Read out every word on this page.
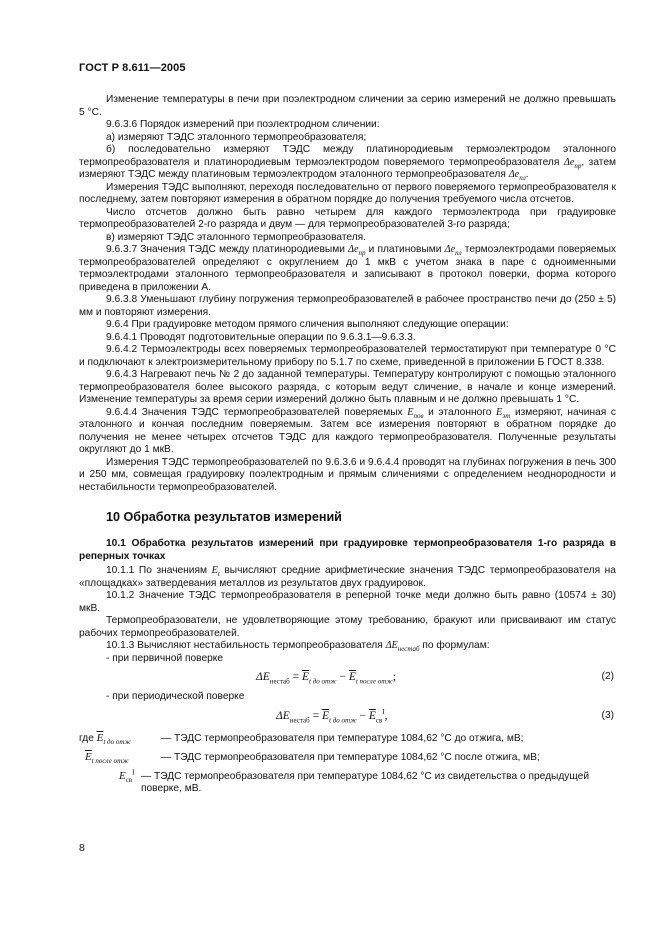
ГОСТ Р 8.611—2005

Изменение температуры в печи при поэлектродном сличении за серию измерений не должно превышать 5 °С.

9.6.3.6 Порядок измерений при поэлектродном сличении:

а) измеряют ТЭДС эталонного термопреобразователя;

б) последовательно измеряют ТЭДС между платинородиевым термоэлектродом эталонного термопреобразователя и платинородиевым термоэлектродом поверяемого термопреобразователя $\Delta e_{пр}$, затем измеряют ТЭДС между платиновым термоэлектродом эталонного термопреобразователя $\Delta e_{пл}$.

Измерения ТЭДС выполняют, переходя последовательно от первого поверяемого термопреобразователя к последнему, затем повторяют измерения в обратном порядке до получения требуемого числа отсчетов.

Число отсчетов должно быть равно четырем для каждого термоэлектрода при градуировке термопреобразователей 2-го разряда и двум — для термопреобразователей 3-го разряда;

в) измеряют ТЭДС эталонного термопреобразователя.

9.6.3.7 Значения ТЭДС между платинородиевыми $\Delta e_{пр}$ и платиновыми $\Delta e_{пл}$ термоэлектродами поверяемых термопреобразователей определяют с округлением до 1 мкВ с учетом знака в паре с одноименными термоэлектродами эталонного термопреобразователя и записывают в протокол поверки, форма которого приведена в приложении А.

9.6.3.8 Уменьшают глубину погружения термопреобразователей в рабочее пространство печи до (250 ± 5) мм и повторяют измерения.

9.6.4 При градуировке методом прямого сличения выполняют следующие операции:

9.6.4.1 Проводят подготовительные операции по 9.6.3.1—9.6.3.3.

9.6.4.2 Термоэлектроды всех поверяемых термопреобразователей термостатируют при температуре 0 °С и подключают к электроизмерительному прибору по 5.1.7 по схеме, приведенной в приложении Б ГОСТ 8.338.

9.6.4.3 Нагревают печь № 2 до заданной температуры. Температуру контролируют с помощью эталонного термопреобразователя более высокого разряда, с которым ведут сличение, в начале и конце измерений. Изменение температуры за время серии измерений должно быть плавным и не должно превышать 1 °С.

9.6.4.4 Значения ТЭДС термопреобразователей поверяемых $E_{пов}$ и эталонного $E_{эт}$ измеряют, начиная с эталонного и кончая последним поверяемым. Затем все измерения повторяют в обратном порядке до получения не менее четырех отсчетов ТЭДС для каждого термопреобразователя. Полученные результаты округляют до 1 мкВ.

Измерения ТЭДС термопреобразователей по 9.6.3.6 и 9.6.4.4 проводят на глубинах погружения в печь 300 и 250 мм, совмещая градуировку поэлектродным и прямым сличениями с определением неоднородности и нестабильности термопреобразователей.

10 Обработка результатов измерений

10.1 Обработка результатов измерений при градуировке термопреобразователя 1-го разряда в реперных точках

10.1.1 По значениям $E_t$ вычисляют средние арифметические значения ТЭДС термопреобразователя на «площадках» затвердевания металлов из результатов двух градуировок.

10.1.2 Значение ТЭДС термопреобразователя в реперной точке меди должно быть равно (10574 ± 30) мкВ.

Термопреобразователи, не удовлетворяющие этому требованию, бракуют или присваивают им статус рабочих термопреобразователей.

10.1.3 Вычисляют нестабильность термопреобразователя $\Delta E_{нестаб}$ по формулам:

- при первичной поверке

$\Delta E_{нестаб} = \overline{E}_{t до отж} - \overline{E}_{t после отж}$;	(2)

- при периодической поверке

$\Delta E_{нестаб} = \overline{E}_{t до отж} - \overline{E}_{св}^I$,	(3)
где $\overline{E}_{t до отж}$	— ТЭДС термопреобразователя при температуре 1084,62 °С до отжига, мВ;
$\overline{E}_{t после отж}$	— ТЭДС термопреобразователя при температуре 1084,62 °С после отжига, мВ;
$E_{св}^I$ — ТЭДС термопреобразователя при температуре 1084,62 °С из свидетельства о предыдущей поверке, мВ.
8
